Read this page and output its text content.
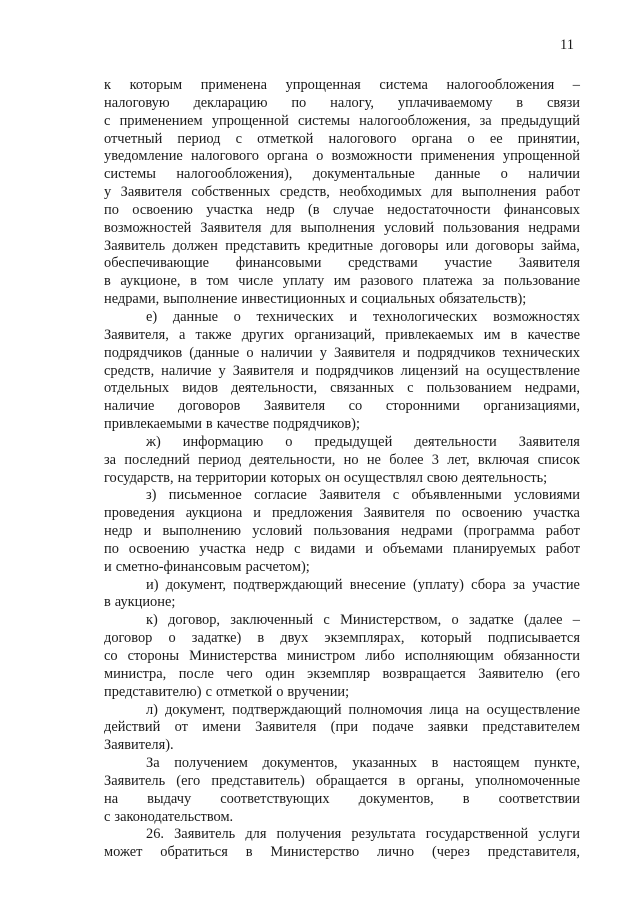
11
к которым применена упрощенная система налогообложения –
налоговую декларацию по налогу, уплачиваемому в связи
с применением упрощенной системы налогообложения, за предыдущий
отчетный период с отметкой налогового органа о ее принятии,
уведомление налогового органа о возможности применения упрощенной
системы налогообложения), документальные данные о наличии
у Заявителя собственных средств, необходимых для выполнения работ
по освоению участка недр (в случае недостаточности финансовых
возможностей Заявителя для выполнения условий пользования недрами
Заявитель должен представить кредитные договоры или договоры займа,
обеспечивающие финансовыми средствами участие Заявителя
в аукционе, в том числе уплату им разового платежа за пользование
недрами, выполнение инвестиционных и социальных обязательств);
е) данные о технических и технологических возможностях
Заявителя, а также других организаций, привлекаемых им в качестве
подрядчиков (данные о наличии у Заявителя и подрядчиков технических
средств, наличие у Заявителя и подрядчиков лицензий на осуществление
отдельных видов деятельности, связанных с пользованием недрами,
наличие договоров Заявителя со сторонними организациями,
привлекаемыми в качестве подрядчиков);
ж) информацию о предыдущей деятельности Заявителя
за последний период деятельности, но не более 3 лет, включая список
государств, на территории которых он осуществлял свою деятельность;
з) письменное согласие Заявителя с объявленными условиями
проведения аукциона и предложения Заявителя по освоению участка
недр и выполнению условий пользования недрами (программа работ
по освоению участка недр с видами и объемами планируемых работ
и сметно-финансовым расчетом);
и) документ, подтверждающий внесение (уплату) сбора за участие
в аукционе;
к) договор, заключенный с Министерством, о задатке (далее –
договор о задатке) в двух экземплярах, который подписывается
со стороны Министерства министром либо исполняющим обязанности
министра, после чего один экземпляр возвращается Заявителю (его
представителю) с отметкой о вручении;
л) документ, подтверждающий полномочия лица на осуществление
действий от имени Заявителя (при подаче заявки представителем
Заявителя).
За получением документов, указанных в настоящем пункте,
Заявитель (его представитель) обращается в органы, уполномоченные
на выдачу соответствующих документов, в соответствии
с законодательством.
26. Заявитель для получения результата государственной услуги
может обратиться в Министерство лично (через представителя,
